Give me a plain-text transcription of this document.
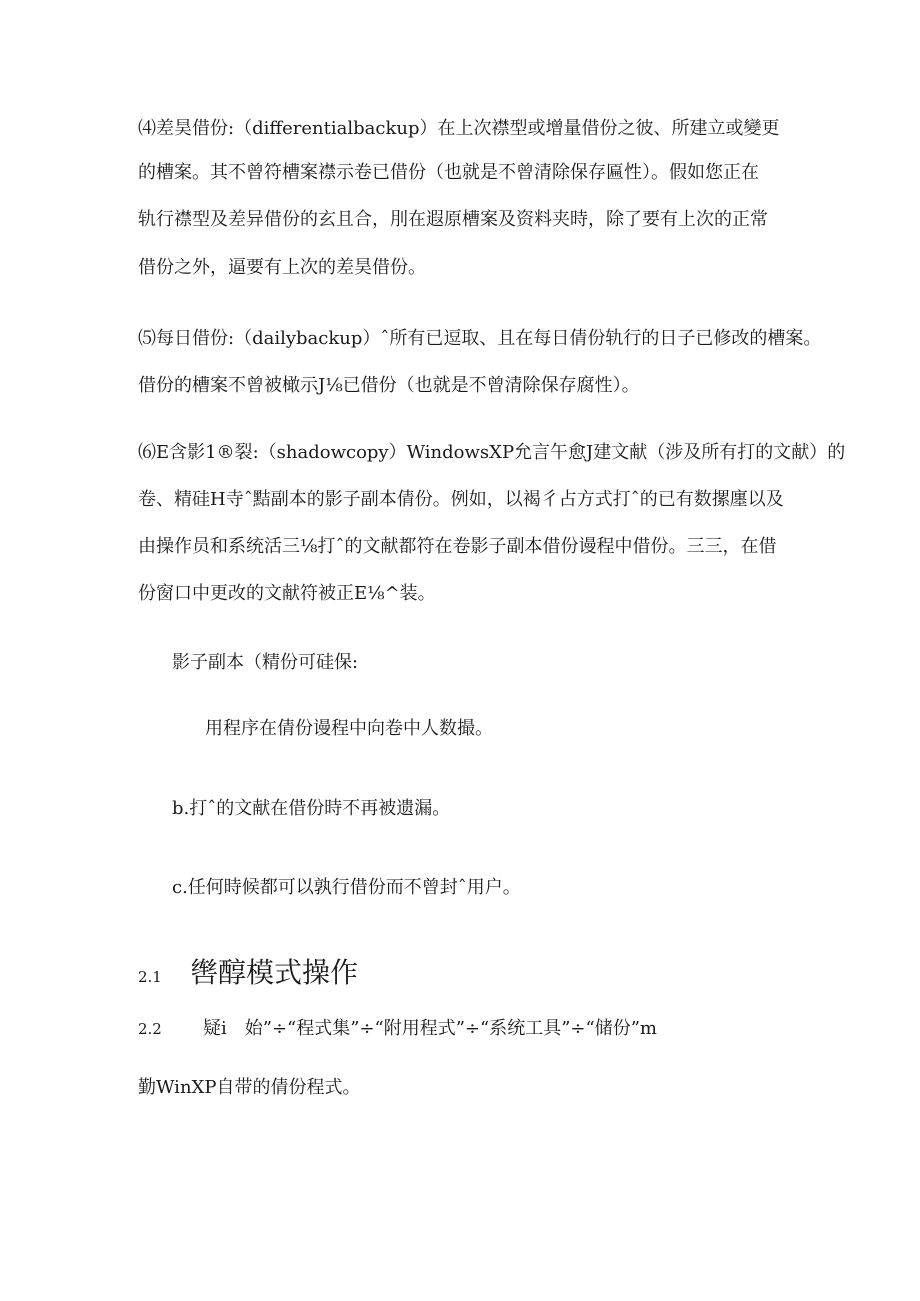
⑷差昊借份:（differentialbackup）在上次襟型或增量借份之彼、所建立或變更
的槽案。其不曾符槽案襟示卷已借份（也就是不曾清除保存匾性）。假如您正在
轨行襟型及差异借份的玄且合，刖在遐原槽案及资料夹時，除了要有上次的正常
借份之外，逼要有上次的差昊借份。
⑸每日借份:（dailybackup）ˆ所有已逗取、且在每日倩份轨行的日子已修改的槽案。
借份的槽案不曾被橄示J⅛已借份（也就是不曾清除保存腐性）。
⑹E含影1®裂:（shadowcopy）WindowsXP允言午愈J建文献（涉及所有打的文献）的
卷、精硅H寺ˆ黠副本的影子副本倩份。例如，以褐彳占方式打ˆ的已有数摞廛以及
由操作员和系统活三⅛打ˆ的文献都符在卷影子副本借份谩程中借份。三三，在借
份窗口中更改的文献符被正E⅛^装。
影子副本（精份可硅保:
用程序在倩份谩程中向卷中人数撮。
b.打ˆ的文献在借份時不再被遗漏。
c.任何時候都可以孰行借份而不曾封ˆ用户。
2.1 辔醇模式操作
2.2 疑i　始”÷“程式集”÷“附用程式”÷“系统工具”÷“储份”m
勤WinXP自带的倩份程式。
